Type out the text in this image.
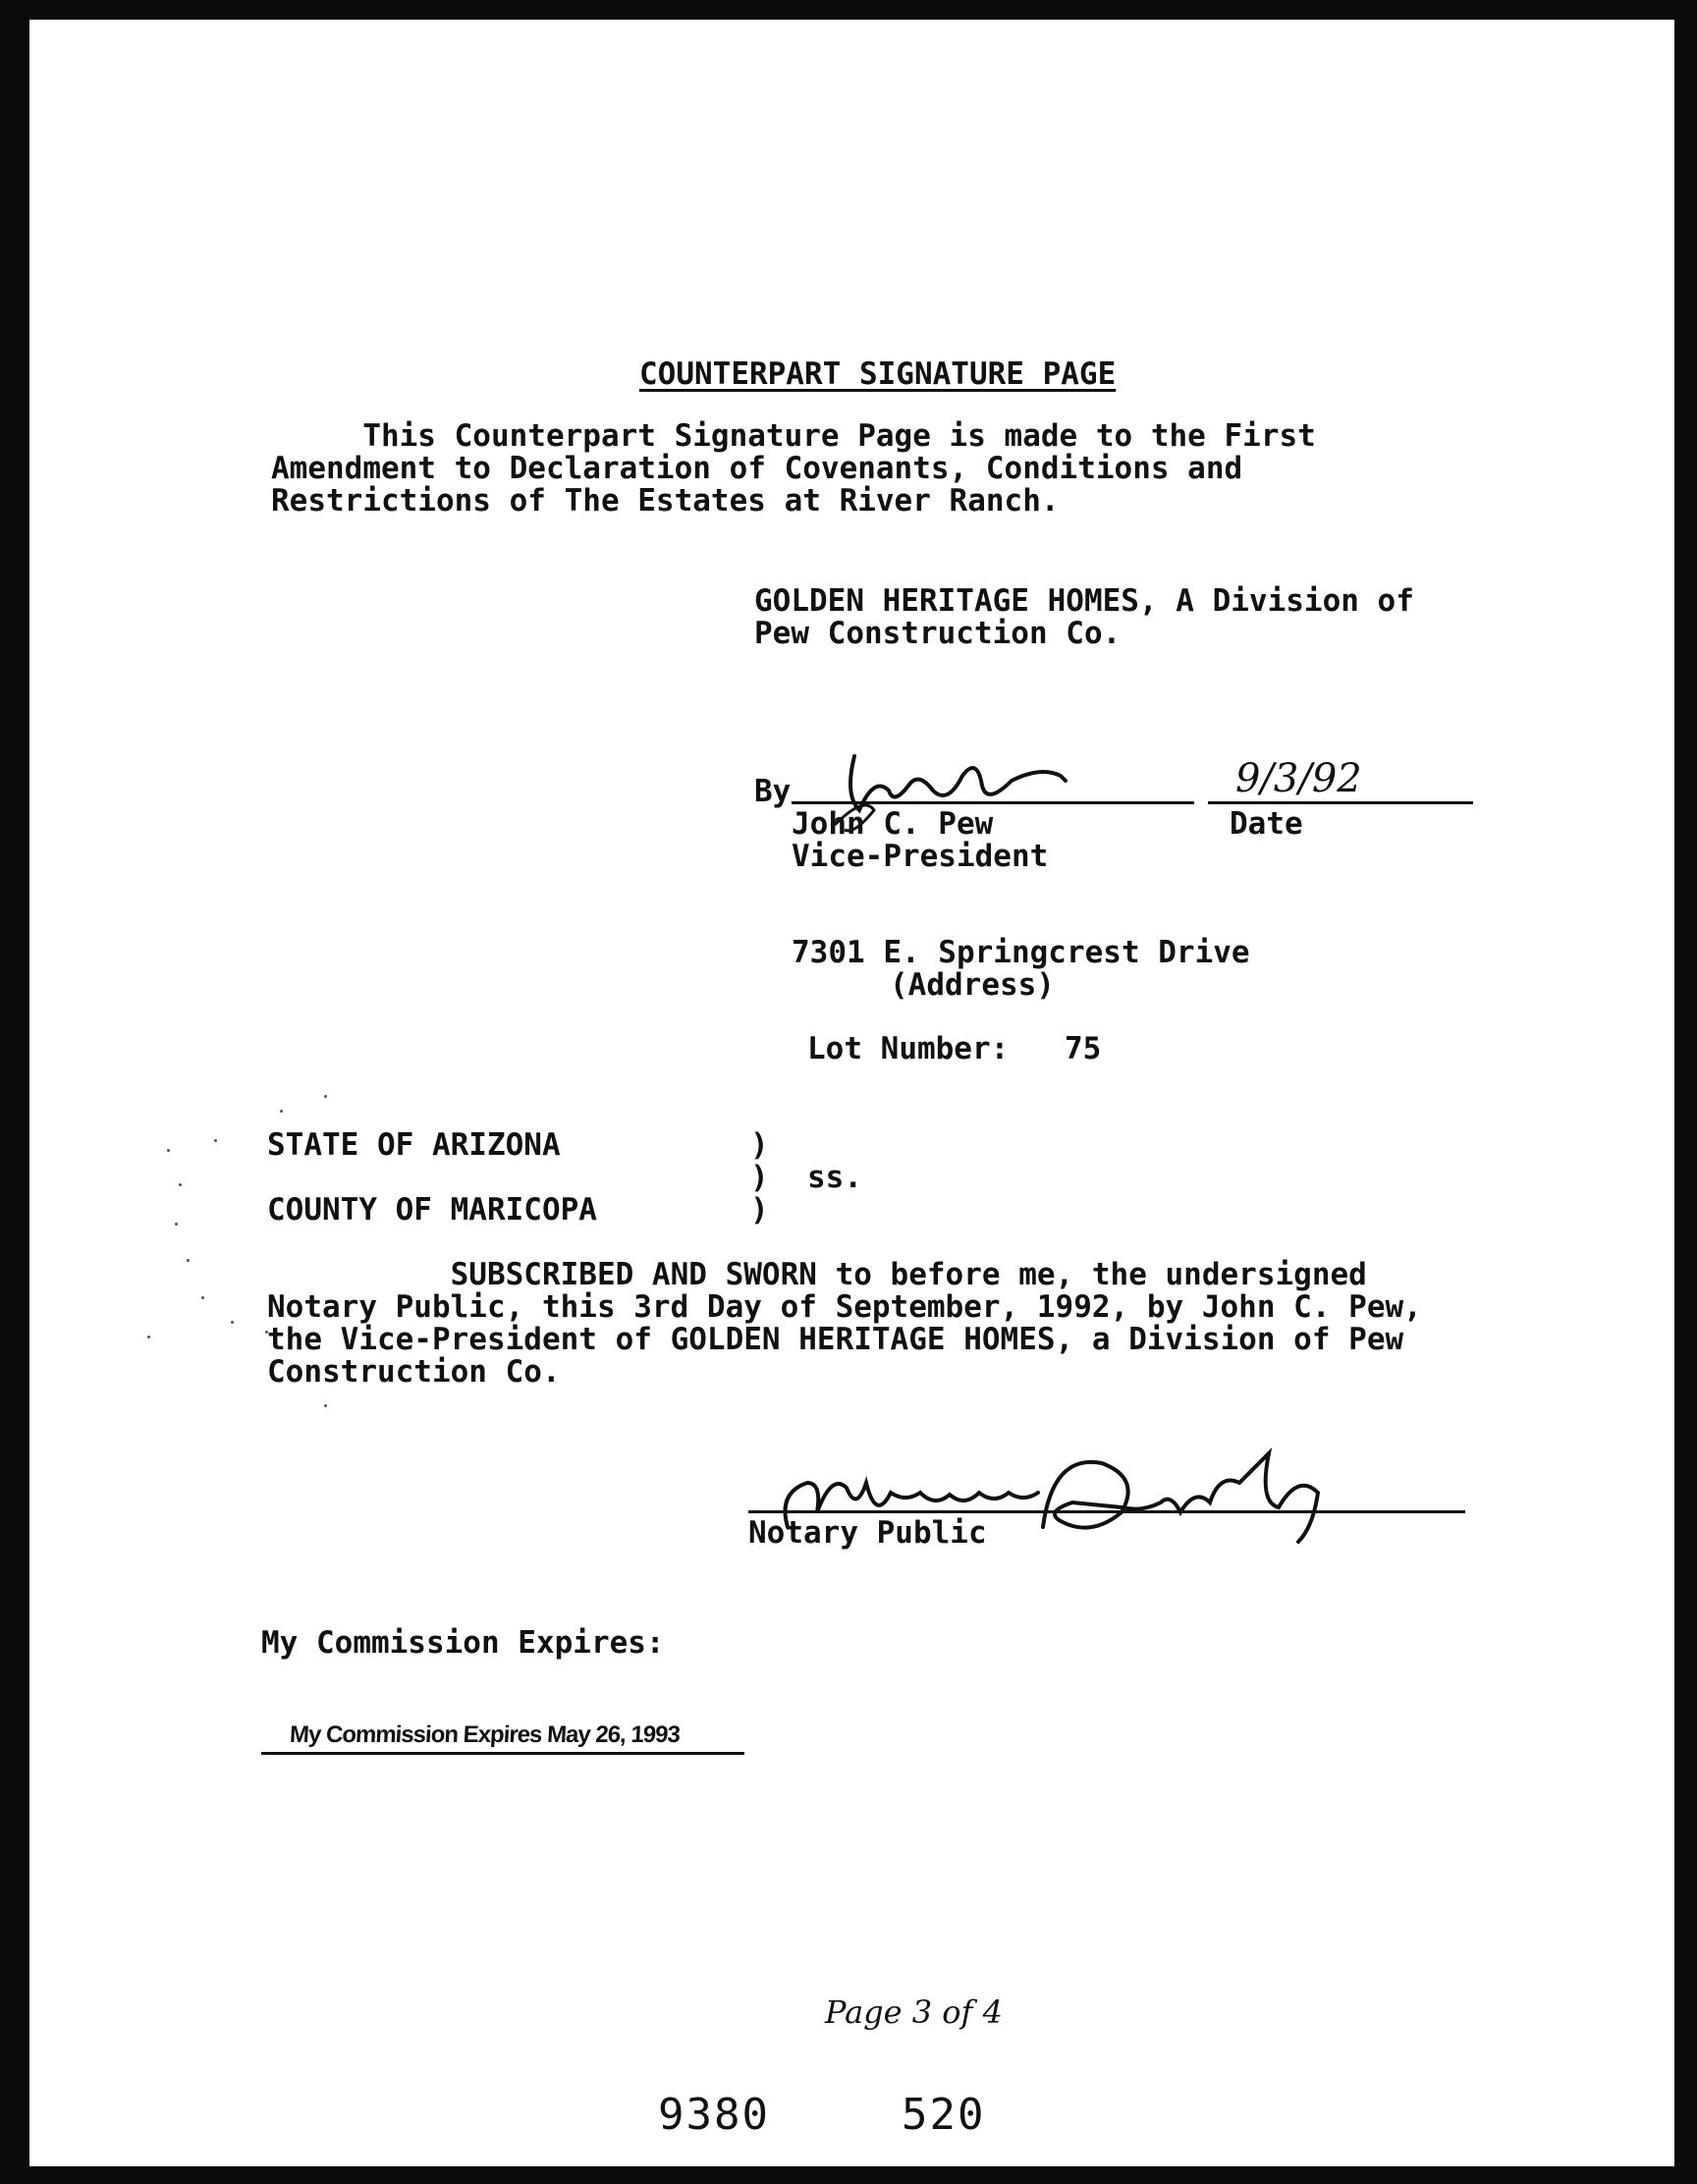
COUNTERPART SIGNATURE PAGE
This Counterpart Signature Page is made to the First
Amendment to Declaration of Covenants, Conditions and
Restrictions of The Estates at River Ranch.
GOLDEN HERITAGE HOMES, A Division of
Pew Construction Co.
By	9/3/92
Date
John C. Pew
Vice-President
7301 E. Springcrest Drive
(Address)
Lot Number: 75
STATE OF ARIZONA
COUNTY OF MARICOPA
)
)
)
ss.
SUBSCRIBED AND SWORN to before me, the undersigned
Notary Public, this 3rd Day of September, 1992, by John C. Pew,
the Vice-President of GOLDEN HERITAGE HOMES, a Division of Pew
Construction Co.
Notary Public
My Commission Expires:
My Commission Expires May 26, 1993
Page 3 of 4
9380	520
